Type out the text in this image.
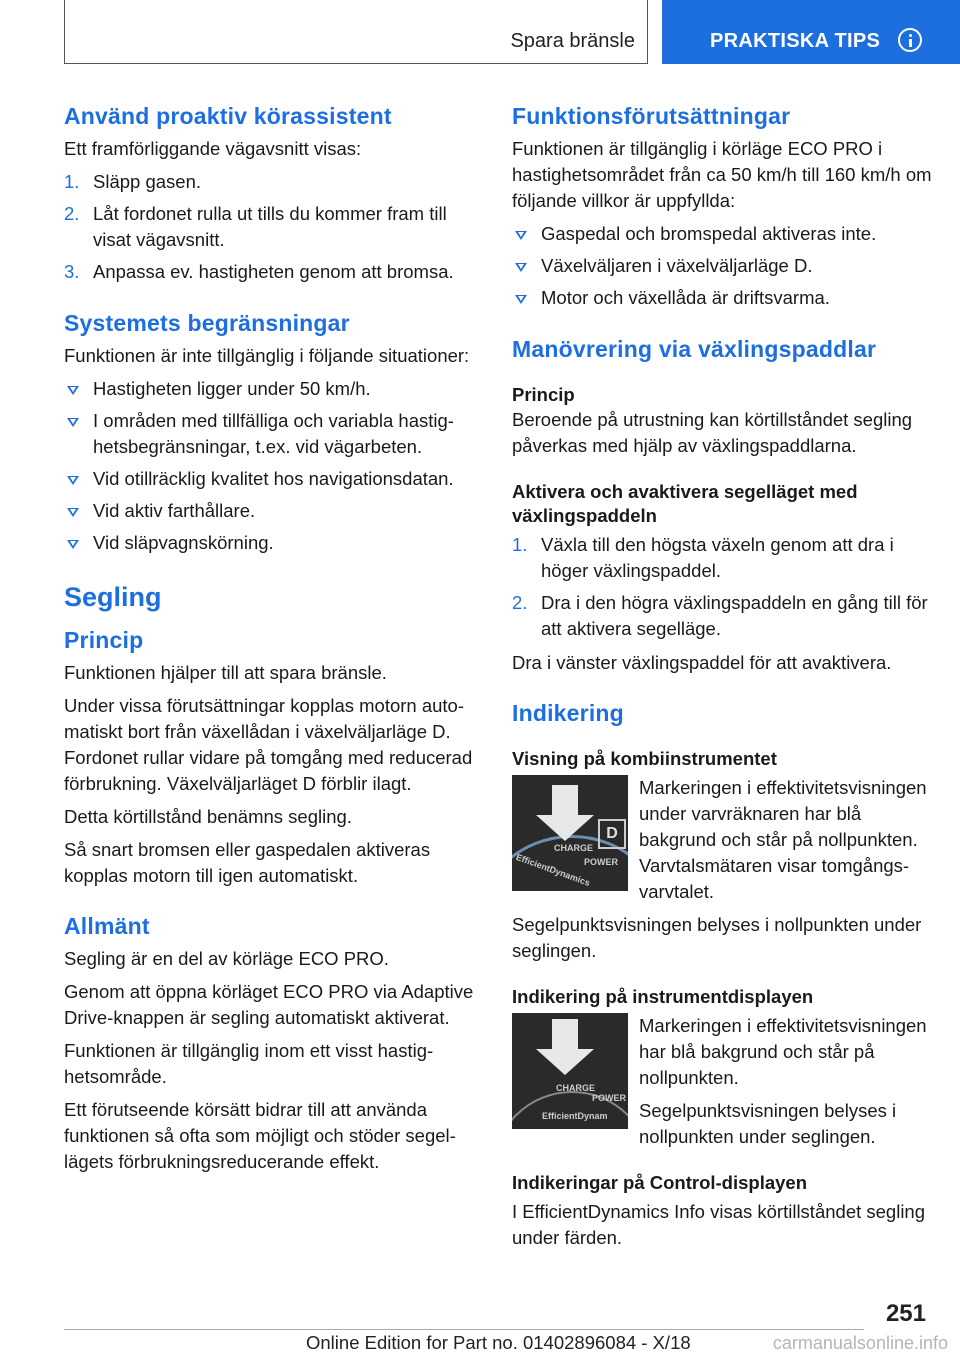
Spara bränsle	PRAKTISKA TIPS
Använd proaktiv körassistent

Ett framförliggande vägavsnitt visas:

1. Släpp gasen.
2. Låt fordonet rulla ut tills du kommer fram till visat vägavsnitt.
3. Anpassa ev. hastigheten genom att bromsa.
Systemets begränsningar

Funktionen är inte tillgänglig i följande situationer:

Hastigheten ligger under 50 km/h.
I områden med tillfälliga och variabla hastighetsbegränsningar, t.ex. vid vägarbeten.
Vid otillräcklig kvalitet hos navigationsdatan.
Vid aktiv farthållare.
Vid släpvagnskörning.
Segling
Princip

Funktionen hjälper till att spara bränsle.

Under vissa förutsättningar kopplas motorn automatiskt bort från växellådan i växelväljarläge D. Fordonet rullar vidare på tomgång med reducerad förbrukning. Växelväljarläget D förblir ilagt.

Detta körtillstånd benämns segling.

Så snart bromsen eller gaspedalen aktiveras kopplas motorn till igen automatiskt.

Allmänt

Segling är en del av körläge ECO PRO.

Genom att öppna körläget ECO PRO via Adaptive Drive-knappen är segling automatiskt aktiverat.

Funktionen är tillgänglig inom ett visst hastighetsområde.

Ett förutseende körsätt bidrar till att använda funktionen så ofta som möjligt och stöder segellägets förbrukningsreducerande effekt.

Funktionsförutsättningar

Funktionen är tillgänglig i körläge ECO PRO i hastighetsområdet från ca 50 km/h till 160 km/h om följande villkor är uppfyllda:

Gaspedal och bromspedal aktiveras inte.
Växelväljaren i växelväljarläge D.
Motor och växellåda är driftsvarma.
Manövrering via växlingspaddlar
Princip

Beroende på utrustning kan körtillståndet segling påverkas med hjälp av växlingspaddlarna.

Aktivera och avaktivera segelläget med växlingspaddeln
1. Växla till den högsta växeln genom att dra i höger växlingspaddel.
2. Dra i den högra växlingspaddeln en gång till för att aktivera segelläge.

Dra i vänster växlingspaddel för att avaktivera.

Indikering
Visning på kombiinstrumentet
D
CHARGE
POWER
EfficientDynamics

Markeringen i effektivitetsvisningen under varvräknaren har blå bakgrund och står på nollpunkten. Varvtalsmätaren visar tomgångsvarvtalet.

Segelpunktsvisningen belyses i nollpunkten under seglingen.

Indikering på instrumentdisplayen
CHARGE
POWER
EfficientDynam

Markeringen i effektivitetsvisningen har blå bakgrund och står på nollpunkten.

Segelpunktsvisningen belyses i nollpunkten under seglingen.

Indikeringar på Control-displayen

I EfficientDynamics Info visas körtillståndet segling under färden.

251
Online Edition for Part no. 01402896084 - X/18	carmanualsonline.info
